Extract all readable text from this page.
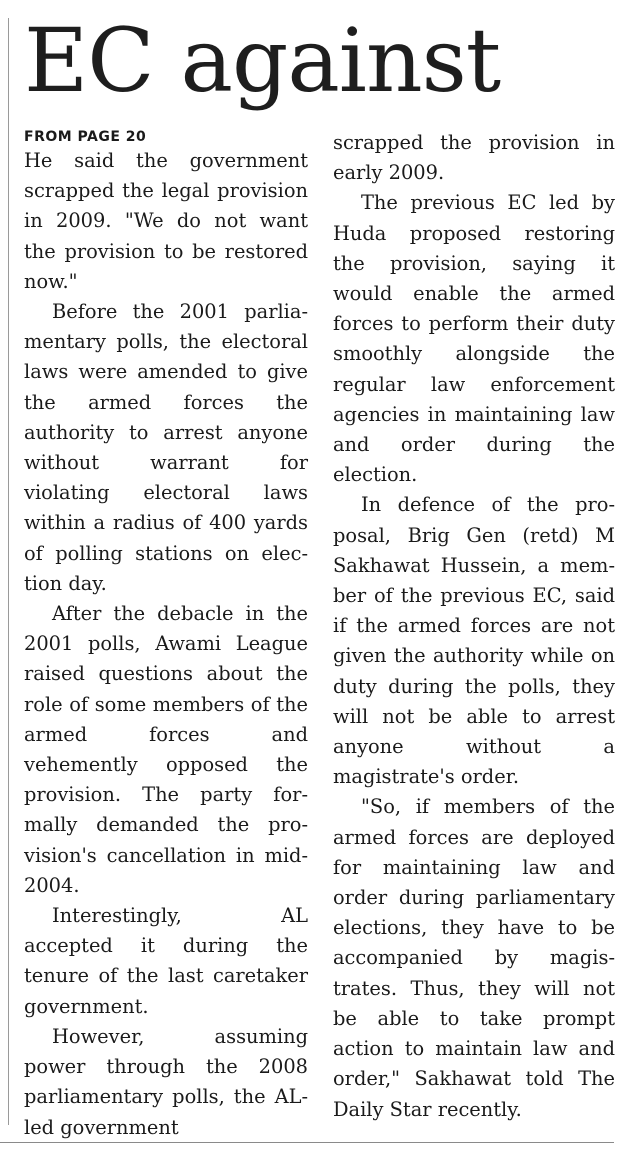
EC against
FROM PAGE 20

He said the government scrapped the legal provision in 2009. "We do not want the provision to be restored now."

Before the 2001 parliamentary polls, the electoral laws were amended to give the armed forces the authority to arrest anyone without warrant for violating electoral laws within a radius of 400 yards of polling stations on election day.

After the debacle in the 2001 polls, Awami League raised questions about the role of some members of the armed forces and vehemently opposed the provision. The party formally demanded the provision's cancellation in mid-2004.

Interestingly, AL accepted it during the tenure of the last caretaker government.

However, assuming power through the 2008 parliamentary polls, the AL-led government

scrapped the provision in early 2009.

The previous EC led by Huda proposed restoring the provision, saying it would enable the armed forces to perform their duty smoothly alongside the regular law enforcement agencies in maintaining law and order during the election.

In defence of the proposal, Brig Gen (retd) M Sakhawat Hussein, a member of the previous EC, said if the armed forces are not given the authority while on duty during the polls, they will not be able to arrest anyone without a magistrate's order.

"So, if members of the armed forces are deployed for maintaining law and order during parliamentary elections, they have to be accompanied by magistrates. Thus, they will not be able to take prompt action to maintain law and order," Sakhawat told The Daily Star recently.
